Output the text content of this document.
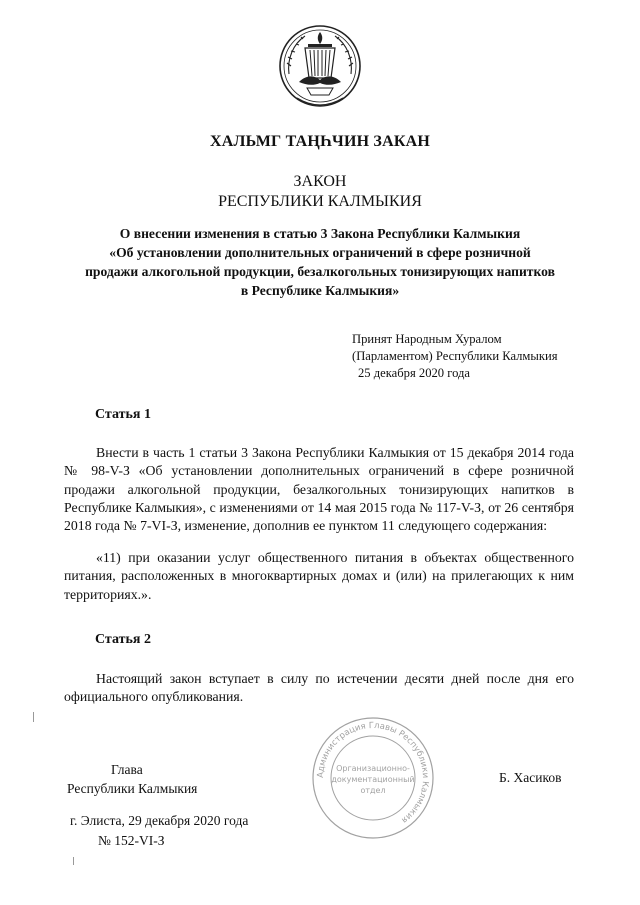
ХАЛЬМГ ТАҢҺЧИН ЗАКАН
ЗАКОН
РЕСПУБЛИКИ КАЛМЫКИЯ
О внесении изменения в статью 3 Закона Республики Калмыкия
«Об установлении дополнительных ограничений в сфере розничной
продажи алкогольной продукции, безалкогольных тонизирующих напитков
в Республике Калмыкия»
Принят Народным Хуралом
(Парламентом) Республики Калмыкия
25 декабря 2020 года
Статья 1
Внести в часть 1 статьи 3 Закона Республики Калмыкия от 15 декабря 2014 года № 98-V-З «Об установлении дополнительных ограничений в сфере розничной продажи алкогольной продукции, безалкогольных тонизирующих напитков в Республике Калмыкия», с изменениями от 14 мая 2015 года № 117-V-З, от 26 сентября 2018 года № 7-VI-З, изменение, дополнив ее пунктом 11 следующего содержания:
«11) при оказании услуг общественного питания в объектах общественного питания, расположенных в многоквартирных домах и (или) на прилегающих к ним территориях.».
Статья 2
Настоящий закон вступает в силу по истечении десяти дней после дня его официального опубликования.
Глава
Республики Калмыкия
Администрация Главы Республики Калмыкия
Организационно-
документационный
отдел
Б. Хасиков
г. Элиста, 29 декабря 2020 года
№ 152-VI-З
